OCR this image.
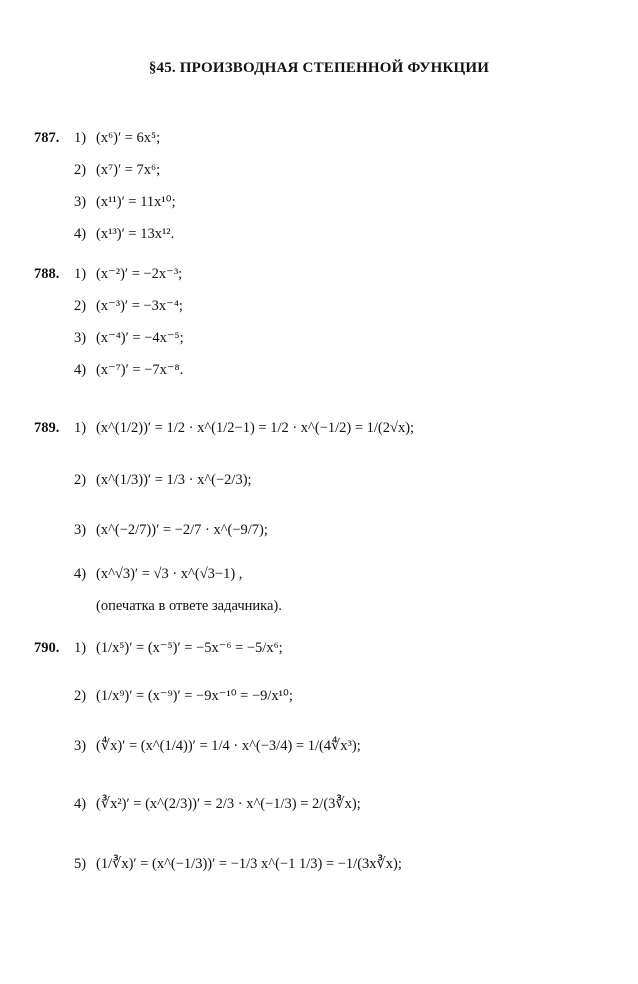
§45. ПРОИЗВОДНАЯ СТЕПЕННОЙ ФУНКЦИИ
787. 1) (x⁶)′ = 6x⁵;
2) (x⁷)′ = 7x⁶;
3) (x¹¹)′ = 11x¹⁰;
4) (x¹³)′ = 13x¹².
788. 1) (x⁻²)′ = −2x⁻³;
2) (x⁻³)′ = −3x⁻⁴;
3) (x⁻⁴)′ = −4x⁻⁵;
4) (x⁻⁷)′ = −7x⁻⁸.
789. 1) (x^(1/2))′ = 1/2 · x^(1/2−1) = 1/2 · x^(−1/2) = 1/(2√x);
2) (x^(1/3))′ = 1/3 · x^(−2/3);
3) (x^(−2/7))′ = −2/7 · x^(−9/7);
4) (x^√3)′ = √3 · x^(√3−1) ,
(опечатка в ответе задачника).
790. 1) (1/x⁵)′ = (x⁻⁵)′ = −5x⁻⁶ = −5/x⁶;
2) (1/x⁹)′ = (x⁻⁹)′ = −9x⁻¹⁰ = −9/x¹⁰;
3) (∜x)′ = (x^(1/4))′ = 1/4 · x^(−3/4) = 1/(4∜x³);
4) (∛x²)′ = (x^(2/3))′ = 2/3 · x^(−1/3) = 2/(3∛x);
5) (1/∛x)′ = (x^(−1/3))′ = −1/3 x^(−1 1/3) = −1/(3x∛x);
